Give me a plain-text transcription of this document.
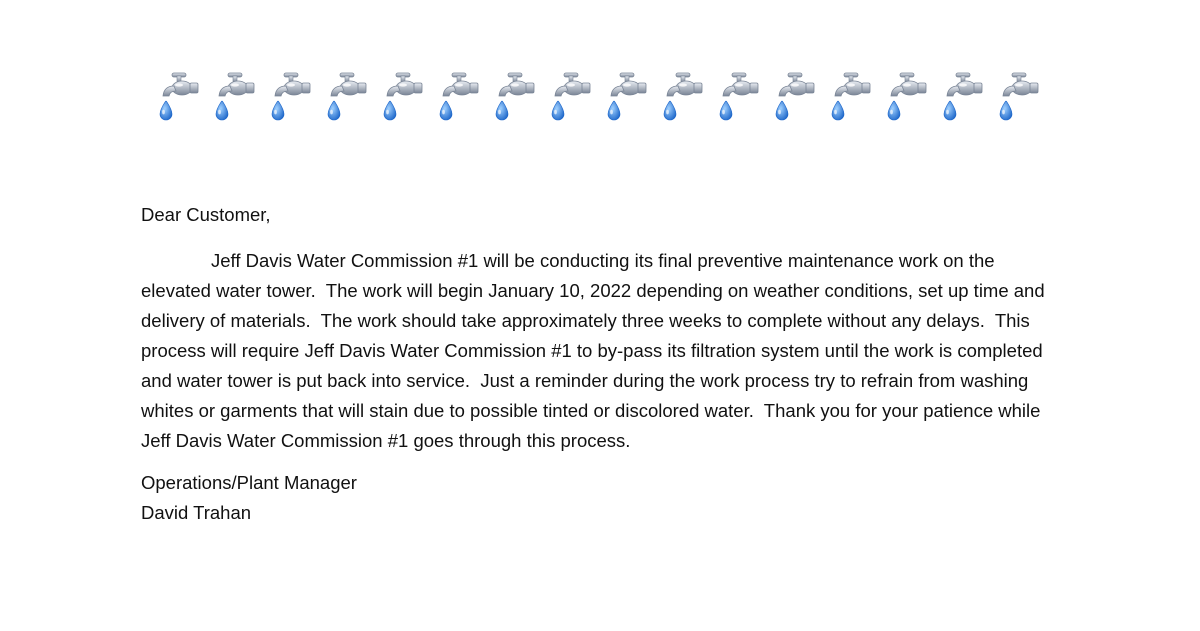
Dear Customer,

Jeff Davis Water Commission #1 will be conducting its final preventive maintenance work on the elevated water tower.  The work will begin January 10, 2022 depending on weather conditions, set up time and delivery of materials.  The work should take approximately three weeks to complete without any delays.  This process will require Jeff Davis Water Commission #1 to by-pass its filtration system until the work is completed and water tower is put back into service.  Just a reminder during the work process try to refrain from washing whites or garments that will stain due to possible tinted or discolored water.  Thank you for your patience while Jeff Davis Water Commission #1 goes through this process.

Operations/Plant Manager
David Trahan
